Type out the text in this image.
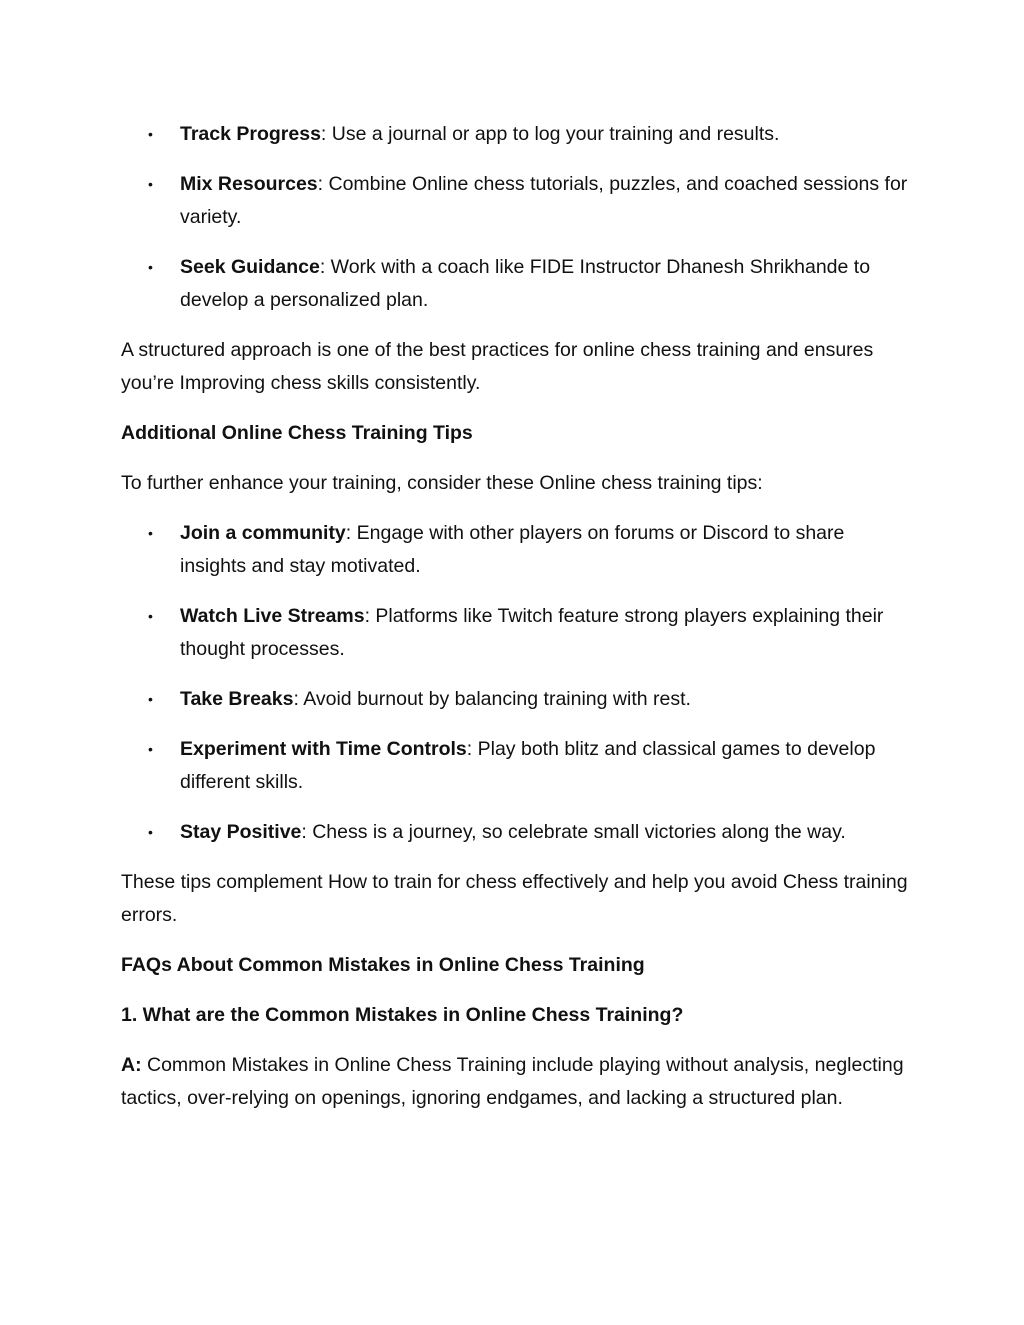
• Track Progress: Use a journal or app to log your training and results.
• Mix Resources: Combine Online chess tutorials, puzzles, and coached sessions for variety.
• Seek Guidance: Work with a coach like FIDE Instructor Dhanesh Shrikhande to develop a personalized plan.

A structured approach is one of the best practices for online chess training and ensures you’re Improving chess skills consistently.

Additional Online Chess Training Tips

To further enhance your training, consider these Online chess training tips:

• Join a community: Engage with other players on forums or Discord to share insights and stay motivated.
• Watch Live Streams: Platforms like Twitch feature strong players explaining their thought processes.
• Take Breaks: Avoid burnout by balancing training with rest.
• Experiment with Time Controls: Play both blitz and classical games to develop different skills.
• Stay Positive: Chess is a journey, so celebrate small victories along the way.

These tips complement How to train for chess effectively and help you avoid Chess training errors.

FAQs About Common Mistakes in Online Chess Training

1. What are the Common Mistakes in Online Chess Training?

A: Common Mistakes in Online Chess Training include playing without analysis, neglecting tactics, over-relying on openings, ignoring endgames, and lacking a structured plan.
